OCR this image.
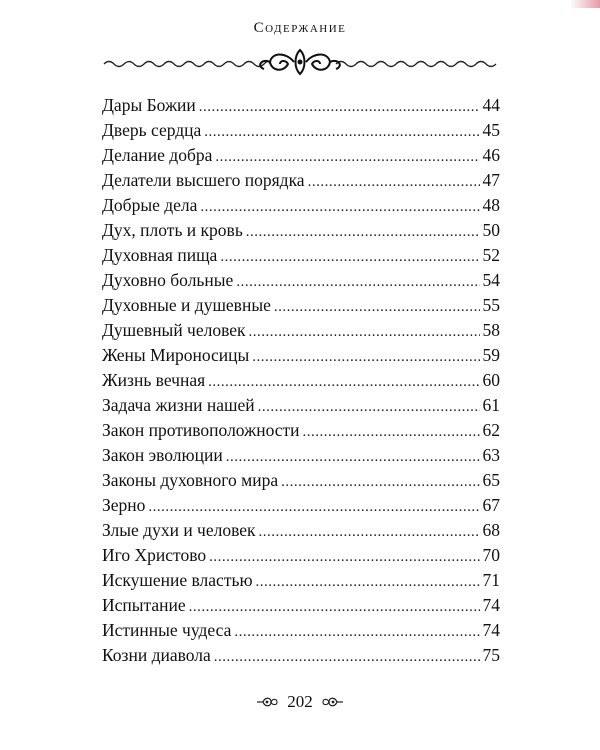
Содержание
Дары Божии .....	44
Дверь сердца .....	45
Делание добра .....	46
Делатели высшего порядка .....	47
Добрые дела .....	48
Дух, плоть и кровь .....	50
Духовная пища .....	52
Духовно больные .....	54
Духовные и душевные .....	55
Душевный человек .....	58
Жены Мироносицы .....	59
Жизнь вечная .....	60
Задача жизни нашей .....	61
Закон противоположности .....	62
Закон эволюции .....	63
Законы духовного мира .....	65
Зерно .....	67
Злые духи и человек .....	68
Иго Христово .....	70
Искушение властью .....	71
Испытание .....	74
Истинные чудеса .....	74
Козни диавола .....	75
202
